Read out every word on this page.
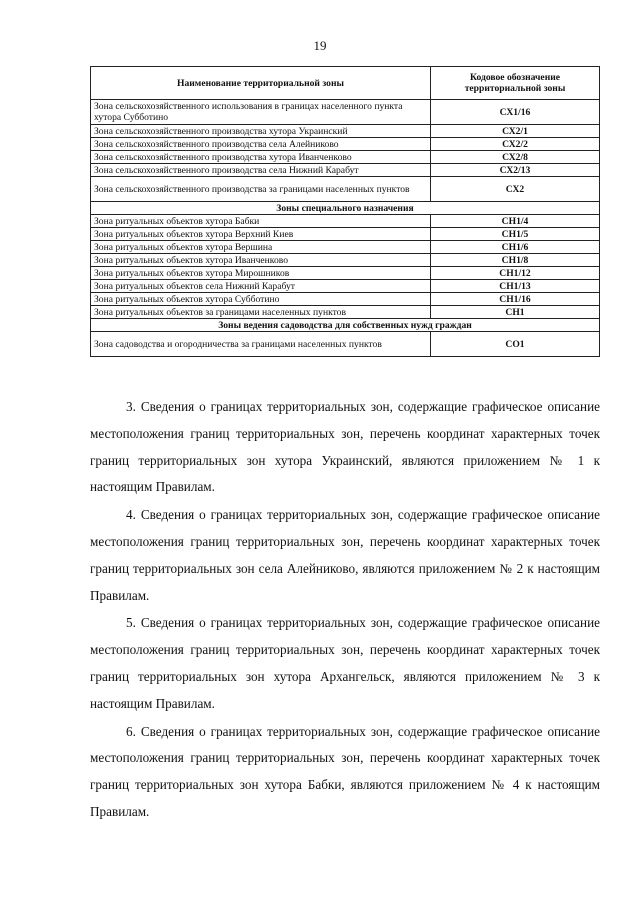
19
Наименование территориальной зоны	Кодовое обозначение территориальной зоны
Зона сельскохозяйственного использования в границах населенного пункта хутора Субботино	СХ1/16
Зона сельскохозяйственного производства хутора Украинский	СХ2/1
Зона сельскохозяйственного производства села Алейниково	СХ2/2
Зона сельскохозяйственного производства хутора Иванченково	СХ2/8
Зона сельскохозяйственного производства села Нижний Карабут	СХ2/13
Зона сельскохозяйственного производства за границами населенных пунктов	СХ2
Зоны специального назначения	
Зона ритуальных объектов хутора Бабки	СН1/4
Зона ритуальных объектов хутора Верхний Киев	СН1/5
Зона ритуальных объектов хутора Вершина	СН1/6
Зона ритуальных объектов хутора Иванченково	СН1/8
Зона ритуальных объектов хутора Мирошников	СН1/12
Зона ритуальных объектов села Нижний Карабут	СН1/13
Зона ритуальных объектов хутора Субботино	СН1/16
Зона ритуальных объектов за границами населенных пунктов	СН1
Зоны ведения садоводства для собственных нужд граждан	
Зона садоводства и огородничества за границами населенных пунктов	СО1

3. Сведения о границах территориальных зон, содержащие графическое описание местоположения границ территориальных зон, перечень координат характерных точек границ территориальных зон хутора Украинский, являются приложением № 1 к настоящим Правилам.

4. Сведения о границах территориальных зон, содержащие графическое описание местоположения границ территориальных зон, перечень координат характерных точек границ территориальных зон села Алейниково, являются приложением № 2 к настоящим Правилам.

5. Сведения о границах территориальных зон, содержащие графическое описание местоположения границ территориальных зон, перечень координат характерных точек границ территориальных зон хутора Архангельск, являются приложением № 3 к настоящим Правилам.

6. Сведения о границах территориальных зон, содержащие графическое описание местоположения границ территориальных зон, перечень координат характерных точек границ территориальных зон хутора Бабки, являются приложением № 4 к настоящим Правилам.
